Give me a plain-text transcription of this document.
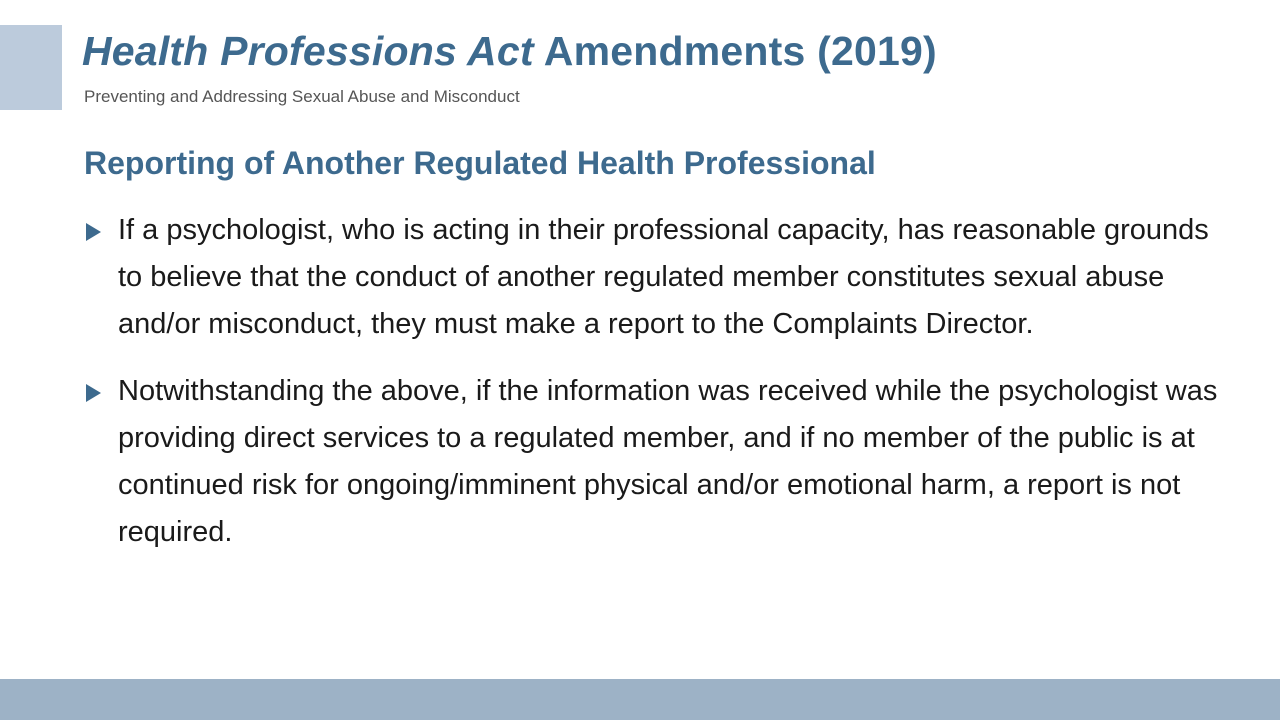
Health Professions Act Amendments (2019)
Preventing and Addressing Sexual Abuse and Misconduct
Reporting of Another Regulated Health Professional
If a psychologist, who is acting in their professional capacity, has reasonable grounds to believe that the conduct of another regulated member constitutes sexual abuse and/or misconduct, they must make a report to the Complaints Director.
Notwithstanding the above, if the information was received while the psychologist was providing direct services to a regulated member, and if no member of the public is at continued risk for ongoing/imminent physical and/or emotional harm, a report is not required.
